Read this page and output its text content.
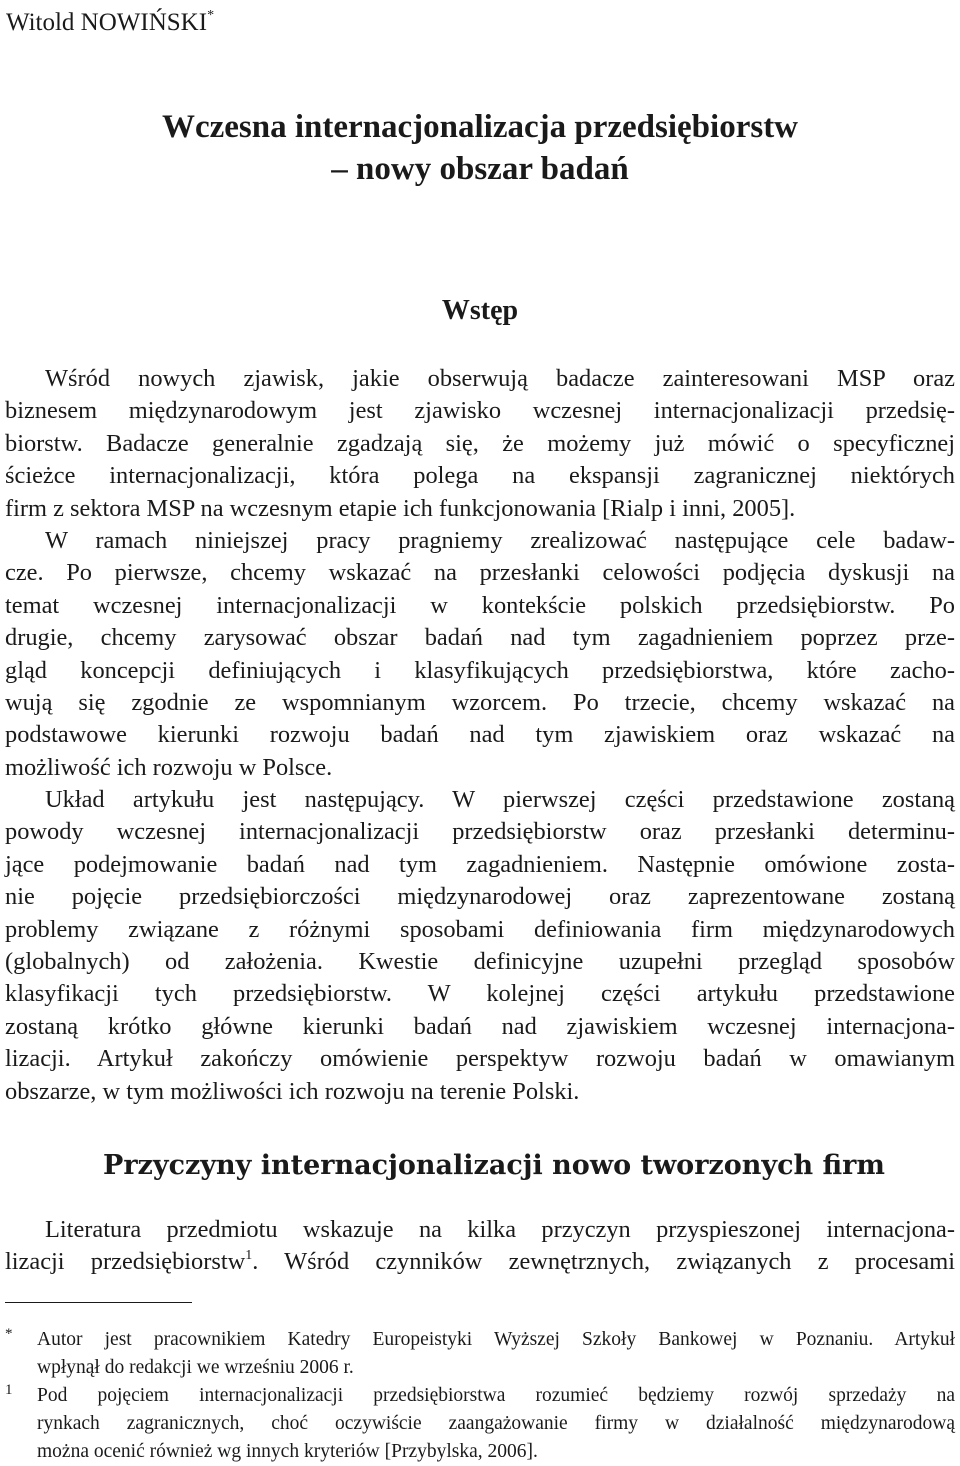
Witold NOWIŃSKI*
Wczesna internacjonalizacja przedsiębiorstw
– nowy obszar badań
Wstęp
Wśród nowych zjawisk, jakie obserwują badacze zainteresowani MSP oraz
biznesem międzynarodowym jest zjawisko wczesnej internacjonalizacji przedsię-
biorstw. Badacze generalnie zgadzają się, że możemy już mówić o specyficznej
ścieżce internacjonalizacji, która polega na ekspansji zagranicznej niektórych
firm z sektora MSP na wczesnym etapie ich funkcjonowania [Rialp i inni, 2005].
W ramach niniejszej pracy pragniemy zrealizować następujące cele badaw-
cze. Po pierwsze, chcemy wskazać na przesłanki celowości podjęcia dyskusji na
temat wczesnej internacjonalizacji w kontekście polskich przedsiębiorstw. Po
drugie, chcemy zarysować obszar badań nad tym zagadnieniem poprzez prze-
gląd koncepcji definiujących i klasyfikujących przedsiębiorstwa, które zacho-
wują się zgodnie ze wspomnianym wzorcem. Po trzecie, chcemy wskazać na
podstawowe kierunki rozwoju badań nad tym zjawiskiem oraz wskazać na
możliwość ich rozwoju w Polsce.
Układ artykułu jest następujący. W pierwszej części przedstawione zostaną
powody wczesnej internacjonalizacji przedsiębiorstw oraz przesłanki determinu-
jące podejmowanie badań nad tym zagadnieniem. Następnie omówione zosta-
nie pojęcie przedsiębiorczości międzynarodowej oraz zaprezentowane zostaną
problemy związane z różnymi sposobami definiowania firm międzynarodowych
(globalnych) od założenia. Kwestie definicyjne uzupełni przegląd sposobów
klasyfikacji tych przedsiębiorstw. W kolejnej części artykułu przedstawione
zostaną krótko główne kierunki badań nad zjawiskiem wczesnej internacjona-
lizacji. Artykuł zakończy omówienie perspektyw rozwoju badań w omawianym
obszarze, w tym możliwości ich rozwoju na terenie Polski.
Przyczyny internacjonalizacji nowo tworzonych firm
Literatura przedmiotu wskazuje na kilka przyczyn przyspieszonej internacjona-
lizacji przedsiębiorstw$^1$. Wśród czynników zewnętrznych, związanych z procesami
* Autor jest pracownikiem Katedry Europeistyki Wyższej Szkoły Bankowej w Poznaniu. Artykuł
wpłynął do redakcji we wrześniu 2006 r.
1 Pod pojęciem internacjonalizacji przedsiębiorstwa rozumieć będziemy rozwój sprzedaży na
rynkach zagranicznych, choć oczywiście zaangażowanie firmy w działalność międzynarodową
można ocenić również wg innych kryteriów [Przybylska, 2006].
